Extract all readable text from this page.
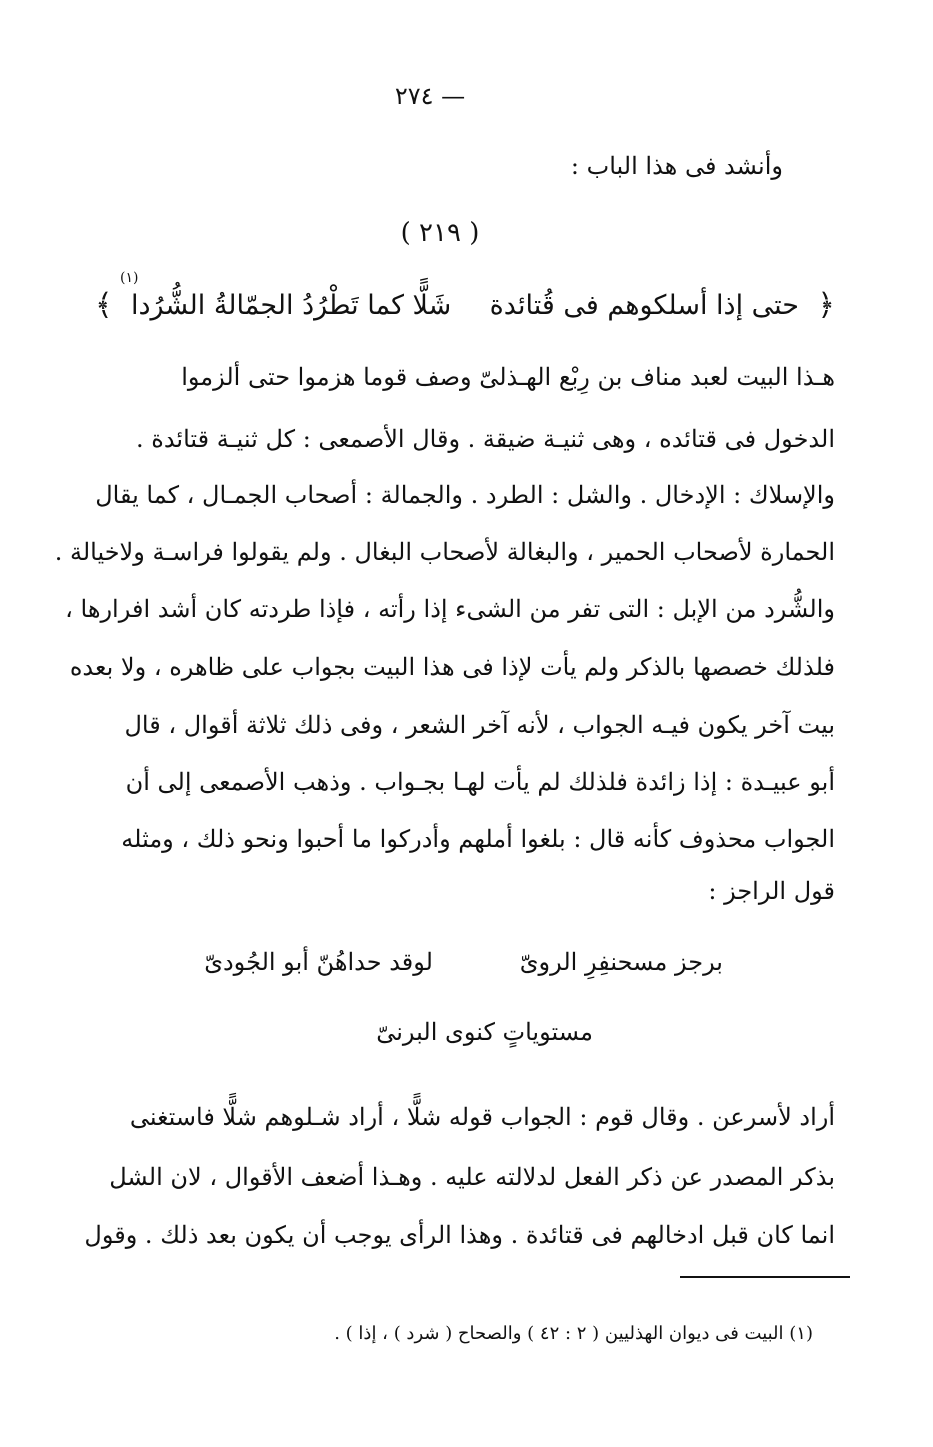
— ٢٧٤
وأنشد فى هذا الباب :
( ٢١٩ )
(١)
﴿
حتى إذا أسلكوهم فى قُتائدة
شَلًّا كما تَطْرُدُ الجمّالةُ الشُّرُدا
﴾
هـذا البيت لعبد مناف بن رِبْع الهـذلىّ وصف قوما هزموا حتى ألزموا
الدخول فى قتائده ، وهى ثنيـة ضيقة . وقال الأصمعى : كل ثنيـة قتائدة .
والإسلاك : الإدخال . والشل : الطرد . والجمالة : أصحاب الجمـال ، كما يقال
الحمارة لأصحاب الحمير ، والبغالة لأصحاب البغال . ولم يقولوا فراسـة ولاخيالة .
والشُّرد من الإبل : التى تفر من الشىء إذا رأته ، فإذا طردته كان أشد افرارها ،
فلذلك خصصها بالذكر ولم يأت لإذا فى هذا البيت بجواب على ظاهره ، ولا بعده
بيت آخر يكون فيـه الجواب ، لأنه آخر الشعر ، وفى ذلك ثلاثة أقوال ، قال
أبو عبيـدة : إذا زائدة فلذلك لم يأت لهـا بجـواب . وذهب الأصمعى إلى أن
الجواب محذوف كأنه قال : بلغوا أملهم وأدركوا ما أحبوا ونحو ذلك ، ومثله
قول الراجز :
لوقد حداهُنّ أبو الجُودىّ	برجز مسحنفِرِ الروىّ
مستوياتٍ كنوى البرنىّ
أراد لأسرعن . وقال قوم : الجواب قوله شلًّا ، أراد شـلوهم شلًّا فاستغنى
بذكر المصدر عن ذكر الفعل لدلالته عليه . وهـذا أضعف الأقوال ، لان الشل
انما كان قبل ادخالهم فى قتائدة . وهذا الرأى يوجب أن يكون بعد ذلك . وقول
(١) البيت فى ديوان الهذليين ( ٢ : ٤٢ ) والصحاح ( شرد ) ، إذا ) .
